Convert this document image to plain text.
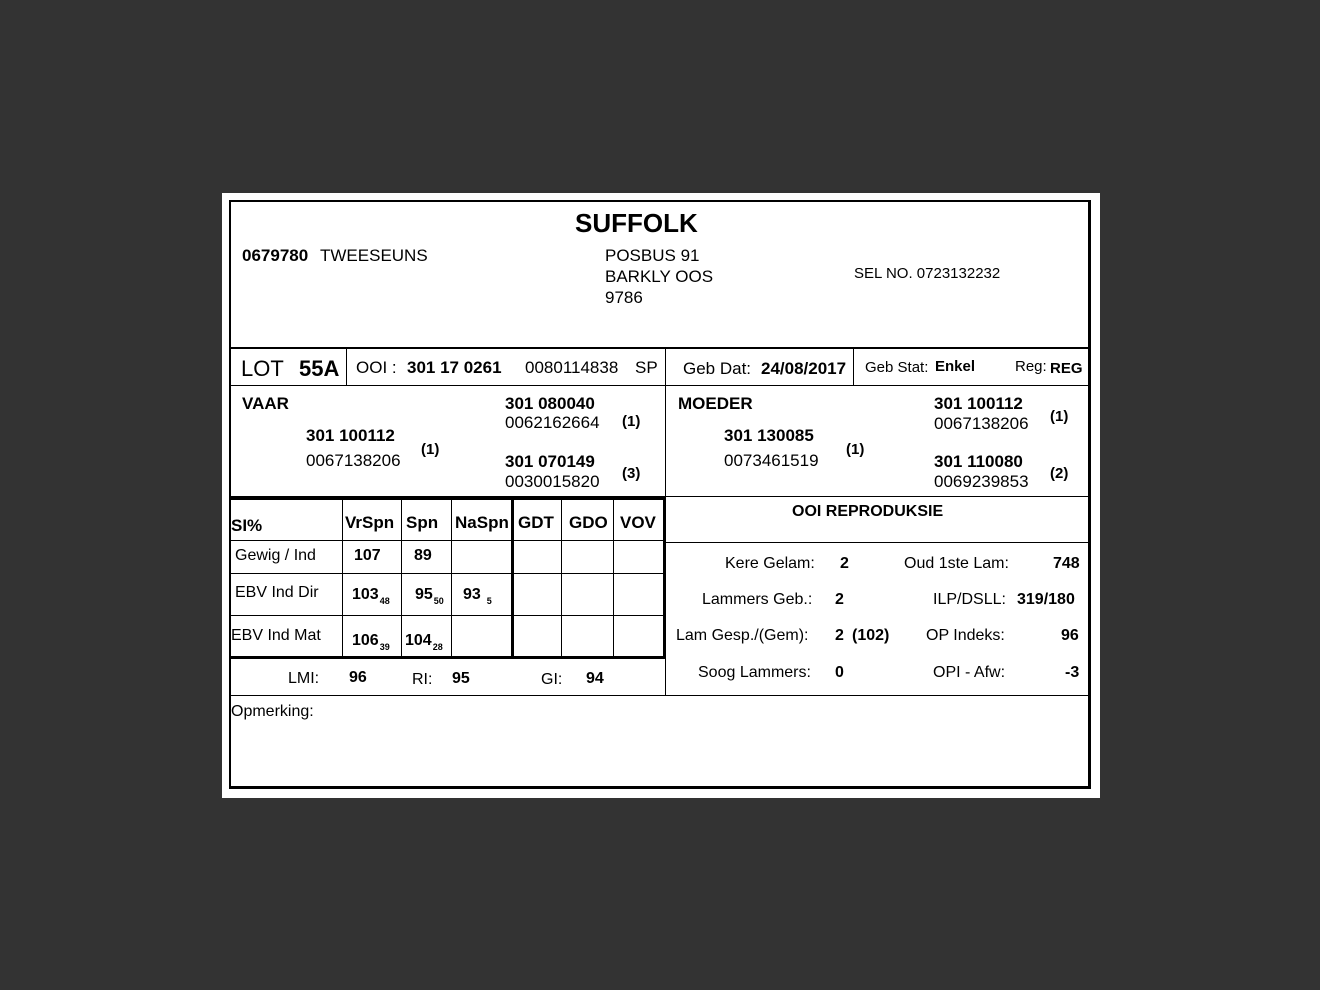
SUFFOLK
0679780 TWEESEUNS	POSBUS 91
BARKLY OOS
9786
SEL NO. 0723132232
LOT 55A OOI : 301 17 0261 0080114838 SP Geb Dat: 24/08/2017 Geb Stat: Enkel	Reg: REG
VAAR
301 100112
0067138206
(1)
301 080040
0062162664 (1)
301 070149
0030015820 (3)
MOEDER
301 130085
0073461519
(1)
301 100112
0067138206 (1)
301 110080
0069239853 (2)
SI%	VrSpn Spn NaSpn GDT GDO VOV
Gewig / Ind 107 89
EBV Ind Dir $103_{48}$ $95_{50}$ 93 $_5$
EBV Ind Mat $106_{39}$ $104_{28}$
LMI: 96	RI: 95	GI: 94
OOI REPRODUKSIE
Kere Gelam: 2	Oud 1ste Lam:	748
Lammers Geb.: 2	ILP/DSLL: 319/180
Lam Gesp./(Gem): 2 (102) OP Indeks:	96
Soog Lammers: 0	OPI - Afw:	-3
Opmerking:
